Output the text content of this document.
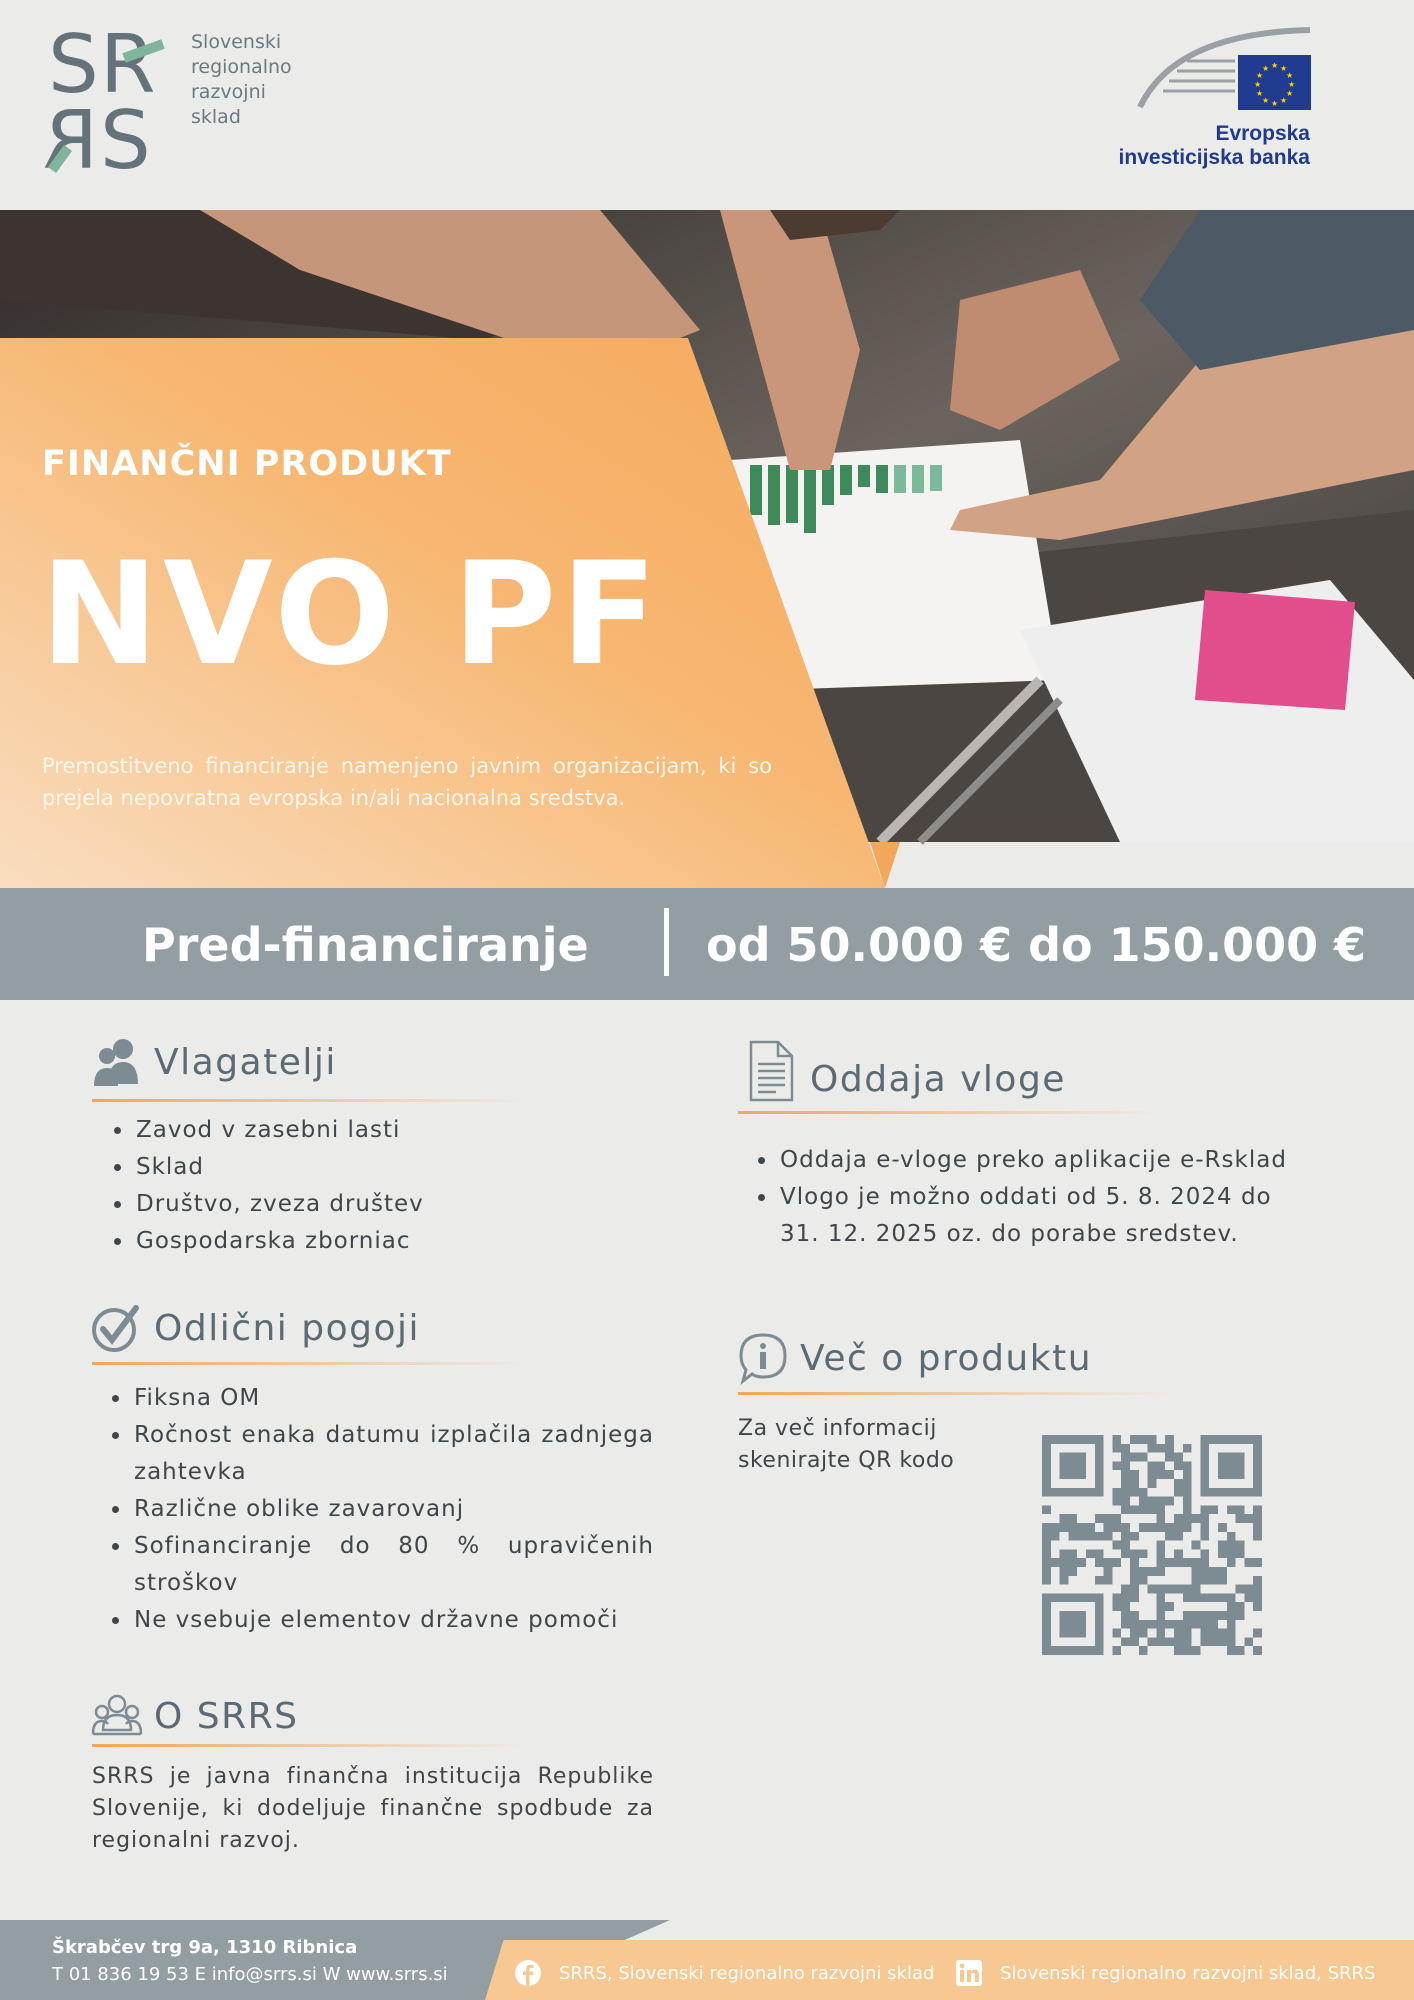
S R
S
R
Slovenski
regionalno
razvojni
sklad
★ ★
★
★
★
★
★
★
★
★
★
★
Evropska
investicijska banka
FINANČNI PRODUKT
NVO PF
Premostitveno financiranje namenjeno javnim organizacijam, ki so prejela nepovratna evropska in/ali nacionalna sredstva.
Pred-financiranje	od 50.000 € do 150.000 €
Vlagatelji
• Zavod v zasebni lasti
• Sklad
• Društvo, zveza društev
• Gospodarska zborniac
Odlični pogoji
• Fiksna OM
• Ročnost enaka datumu izplačila zadnjega zahtevka
• Različne oblike zavarovanj
• Sofinanciranje do 80 % upravičenih stroškov
• Ne vsebuje elementov državne pomoči
O SRRS
SRRS je javna finančna institucija Republike Slovenije, ki dodeljuje finančne spodbude za regionalni razvoj.
Oddaja vloge
• Oddaja e-vloge preko aplikacije e-Rsklad
• Vlogo je možno oddati od 5. 8. 2024 do 31. 12. 2025 oz. do porabe sredstev.
Več o produktu
Za več informacij
skenirajte QR kodo
Škrabčev trg 9a, 1310 Ribnica
T 01 836 19 53 E info@srrs.si W www.srrs.si	SRRS, Slovenski regionalno razvojni sklad	Slovenski regionalno razvojni sklad, SRRS
